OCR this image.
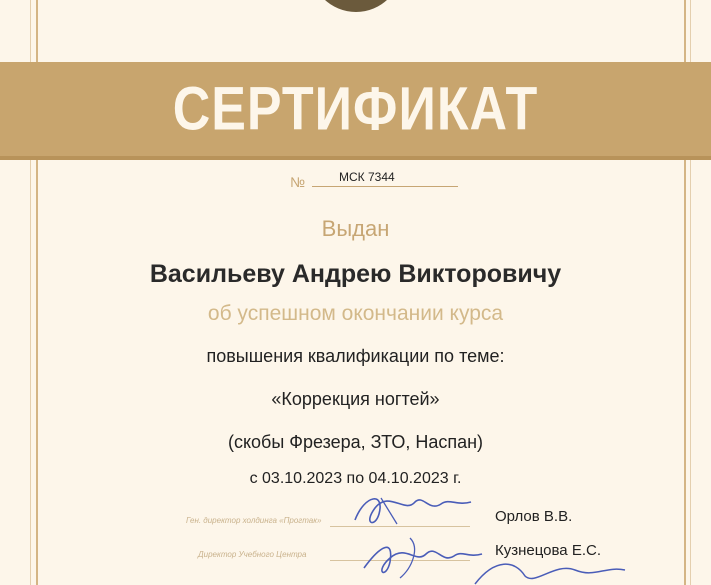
СЕРТИФИКАТ
№	МСК 7344
Выдан
Васильеву Андрею Викторовичу
об успешном окончании курса
повышения квалификации по теме:
«Коррекция ногтей»
(скобы Фрезера, ЗТО, Наспан)
с 03.10.2023 по 04.10.2023 г.
Ген. директор холдинга «Прогтак»	Орлов В.В.
Директор Учебного Центра	Кузнецова Е.С.
